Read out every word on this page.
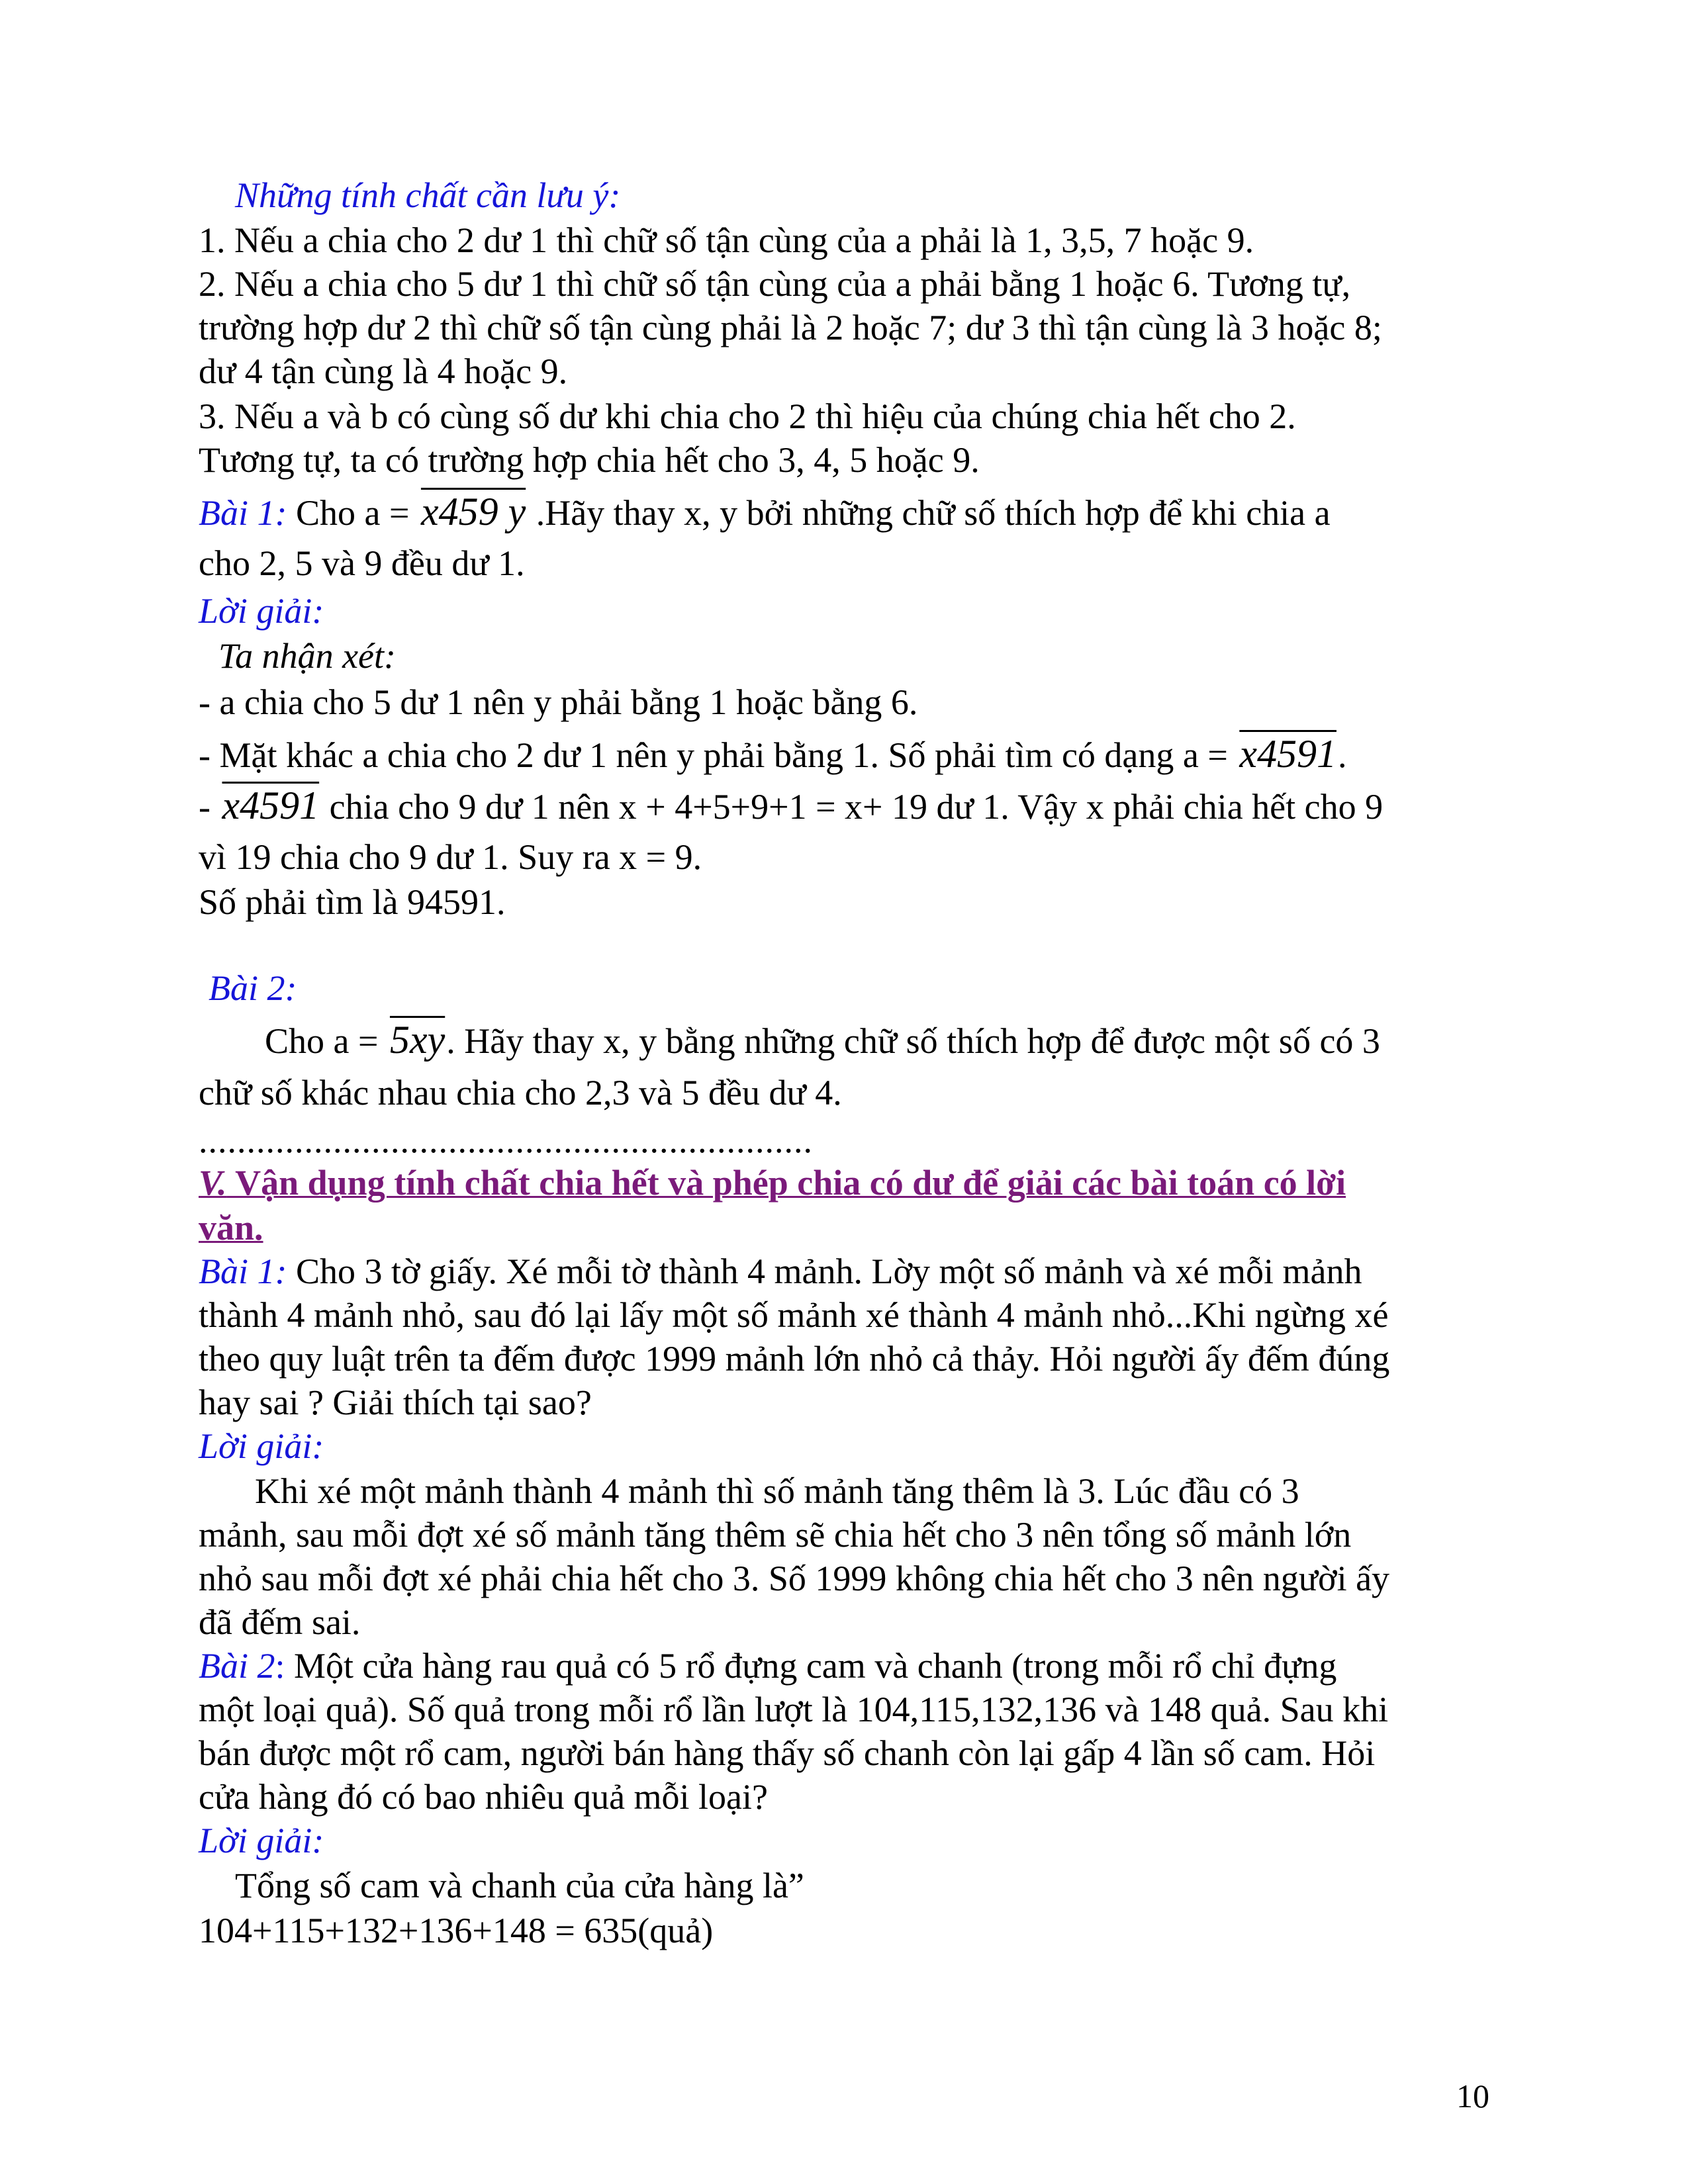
Những tính chất cần lưu ý:
1. Nếu a chia cho 2 dư 1 thì chữ số tận cùng của a phải là 1, 3,5, 7 hoặc 9.
2. Nếu a chia cho 5 dư 1 thì chữ số tận cùng của a phải bằng 1 hoặc 6. Tương tự,
trường hợp dư 2 thì chữ số tận cùng phải là 2 hoặc 7; dư 3 thì tận cùng là 3 hoặc 8;
dư 4 tận cùng là 4 hoặc 9.
3. Nếu a và b có cùng số dư khi chia cho 2 thì hiệu của chúng chia hết cho 2.
Tương tự, ta có trường hợp chia hết cho 3, 4, 5 hoặc 9.
Bài 1: Cho a = x459 y .Hãy thay x, y bởi những chữ số thích hợp để khi chia a
cho 2, 5 và 9 đều dư 1.
Lời giải:
Ta nhận xét:
- a chia cho 5 dư 1 nên y phải bằng 1 hoặc bằng 6.
- Mặt khác a chia cho 2 dư 1 nên y phải bằng 1. Số phải tìm có dạng a = x4591.
- x4591 chia cho 9 dư 1 nên x + 4+5+9+1 = x+ 19 dư 1. Vậy x phải chia hết cho 9
vì 19 chia cho 9 dư 1. Suy ra x = 9.
Số phải tìm là 94591.
Bài 2:
Cho a = 5xy. Hãy thay x, y bằng những chữ số thích hợp để được một số có 3
chữ số khác nhau chia cho 2,3 và 5 đều dư 4.
................................................................
V. Vận dụng tính chất chia hết và phép chia có dư để giải các bài toán có lời
văn.
Bài 1: Cho 3 tờ giấy. Xé mỗi tờ thành 4 mảnh. Lờy một số mảnh và xé mỗi mảnh
thành 4 mảnh nhỏ, sau đó lại lấy một số mảnh xé thành 4 mảnh nhỏ...Khi ngừng xé
theo quy luật trên ta đếm được 1999 mảnh lớn nhỏ cả thảy. Hỏi người ấy đếm đúng
hay sai ? Giải thích tại sao?
Lời giải:
Khi xé một mảnh thành 4 mảnh thì số mảnh tăng thêm là 3. Lúc đầu có 3
mảnh, sau mỗi đợt xé số mảnh tăng thêm sẽ chia hết cho 3 nên tổng số mảnh lớn
nhỏ sau mỗi đợt xé phải chia hết cho 3. Số 1999 không chia hết cho 3 nên người ấy
đã đếm sai.
Bài 2: Một cửa hàng rau quả có 5 rổ đựng cam và chanh (trong mỗi rổ chỉ đựng
một loại quả). Số quả trong mỗi rổ lần lượt là 104,115,132,136 và 148 quả. Sau khi
bán được một rổ cam, người bán hàng thấy số chanh còn lại gấp 4 lần số cam. Hỏi
cửa hàng đó có bao nhiêu quả mỗi loại?
Lời giải:
Tổng số cam và chanh của cửa hàng là”
104+115+132+136+148 = 635(quả)
10
